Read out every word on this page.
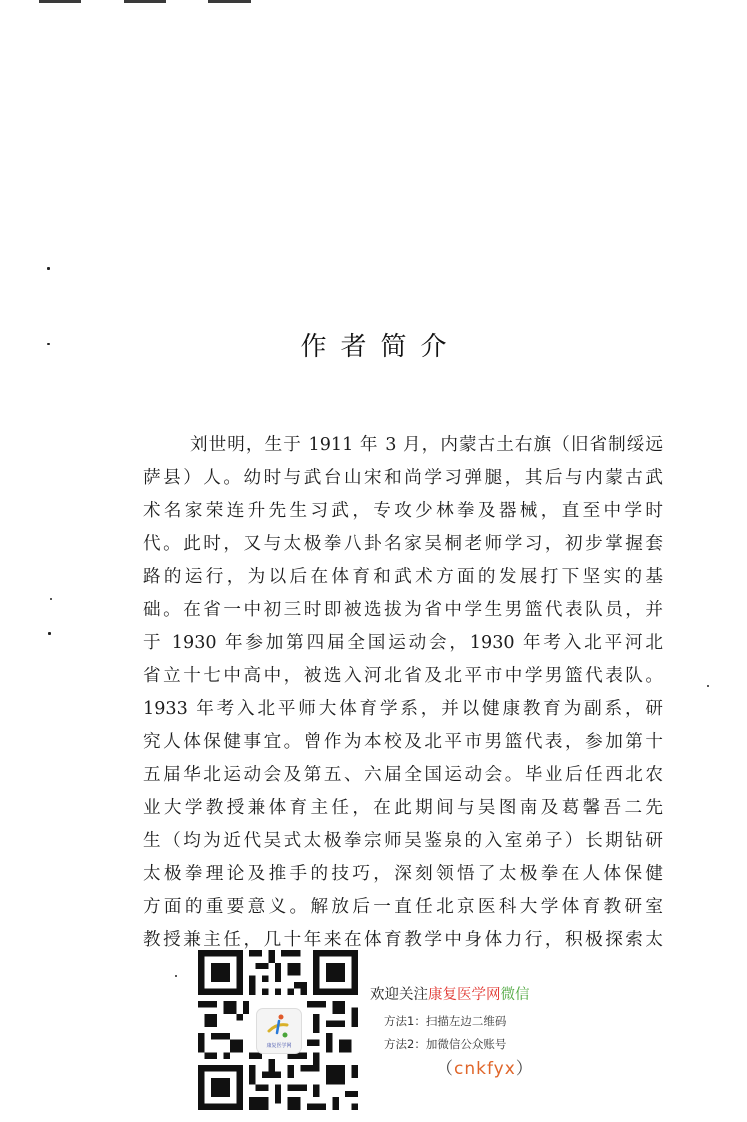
作者简介
刘世明，生于 1911 年 3 月，内蒙古土右旗（旧省制绥远
萨县）人。幼时与武台山宋和尚学习弹腿，其后与内蒙古武
术名家荣连升先生习武，专攻少林拳及器械，直至中学时
代。此时，又与太极拳八卦名家吴桐老师学习，初步掌握套
路的运行，为以后在体育和武术方面的发展打下坚实的基
础。在省一中初三时即被选拔为省中学生男篮代表队员，并
于 1930 年参加第四届全国运动会，1930 年考入北平河北
省立十七中高中，被选入河北省及北平市中学男篮代表队。
1933 年考入北平师大体育学系，并以健康教育为副系，研
究人体保健事宜。曾作为本校及北平市男篮代表，参加第十
五届华北运动会及第五、六届全国运动会。毕业后任西北农
业大学教授兼体育主任，在此期间与吴图南及葛馨吾二先
生（均为近代吴式太极拳宗师吴鉴泉的入室弟子）长期钻研
太极拳理论及推手的技巧，深刻领悟了太极拳在人体保健
方面的重要意义。解放后一直任北京医科大学体育教研室
教授兼主任，几十年来在体育教学中身体力行，积极探索太
康复医学网
欢迎关注康复医学网微信
方法1：扫描左边二维码
方法2：加微信公众账号
（cnkfyx）
